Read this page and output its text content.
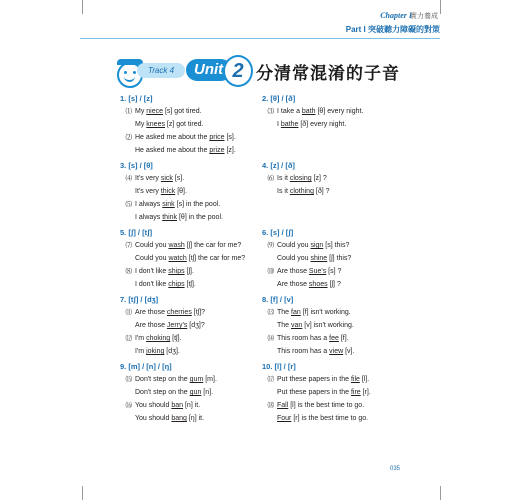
Chapter I
實力養成
Part I 突破聽力障礙的對策
Track 4	Unit 2 分清常混淆的子音
1. [s] / [z]
⑴ My niece [s] got tired.
My knees [z] got tired.
⑵ He asked me about the price [s].
He asked me about the prize [z].
3. [s] / [θ]
⑷ It's very sick [s].
It's very thick [θ].
⑸ I always sink [s] in the pool.
I always think [θ] in the pool.
5. [ʃ] / [tʃ]
⑺ Could you wash [ʃ] the car for me?
Could you watch [tʃ] the car for me?
⑻ I don't like ships [ʃ].
I don't like chips [tʃ].
7. [tʃ] / [dʒ]
⑾ Are those cherries [tʃ]?
Are those Jerry's [dʒ]?
⑿ I'm choking [tʃ].
I'm joking [dʒ].
9. [m] / [n] / [ŋ]
⒂ Don't step on the gum [m].
Don't step on the gun [n].
⒃ You should ban [n] it.
You should bang [ŋ] it.
2. [θ] / [ð]
⑶ I take a bath [θ] every night.
I bathe [ð] every night.
4. [z] / [ð]
⑹ Is it closing [z] ?
Is it clothing [ð] ?
6. [s] / [ʃ]
⑼ Could you sign [s] this?
Could you shine [ʃ] this?
⑽ Are those Sue's [s] ?
Are those shoes [ʃ] ?
8. [f] / [v]
⒀ The fan [f] isn't working.
The van [v] isn't working.
⒁ This room has a fee [f].
This room has a view [v].
10. [l] / [r]
⒄ Put these papers in the file [l].
Put these papers in the fire [r].
⒅ Fall [l] is the best time to go.
Four [r] is the best time to go.
035
